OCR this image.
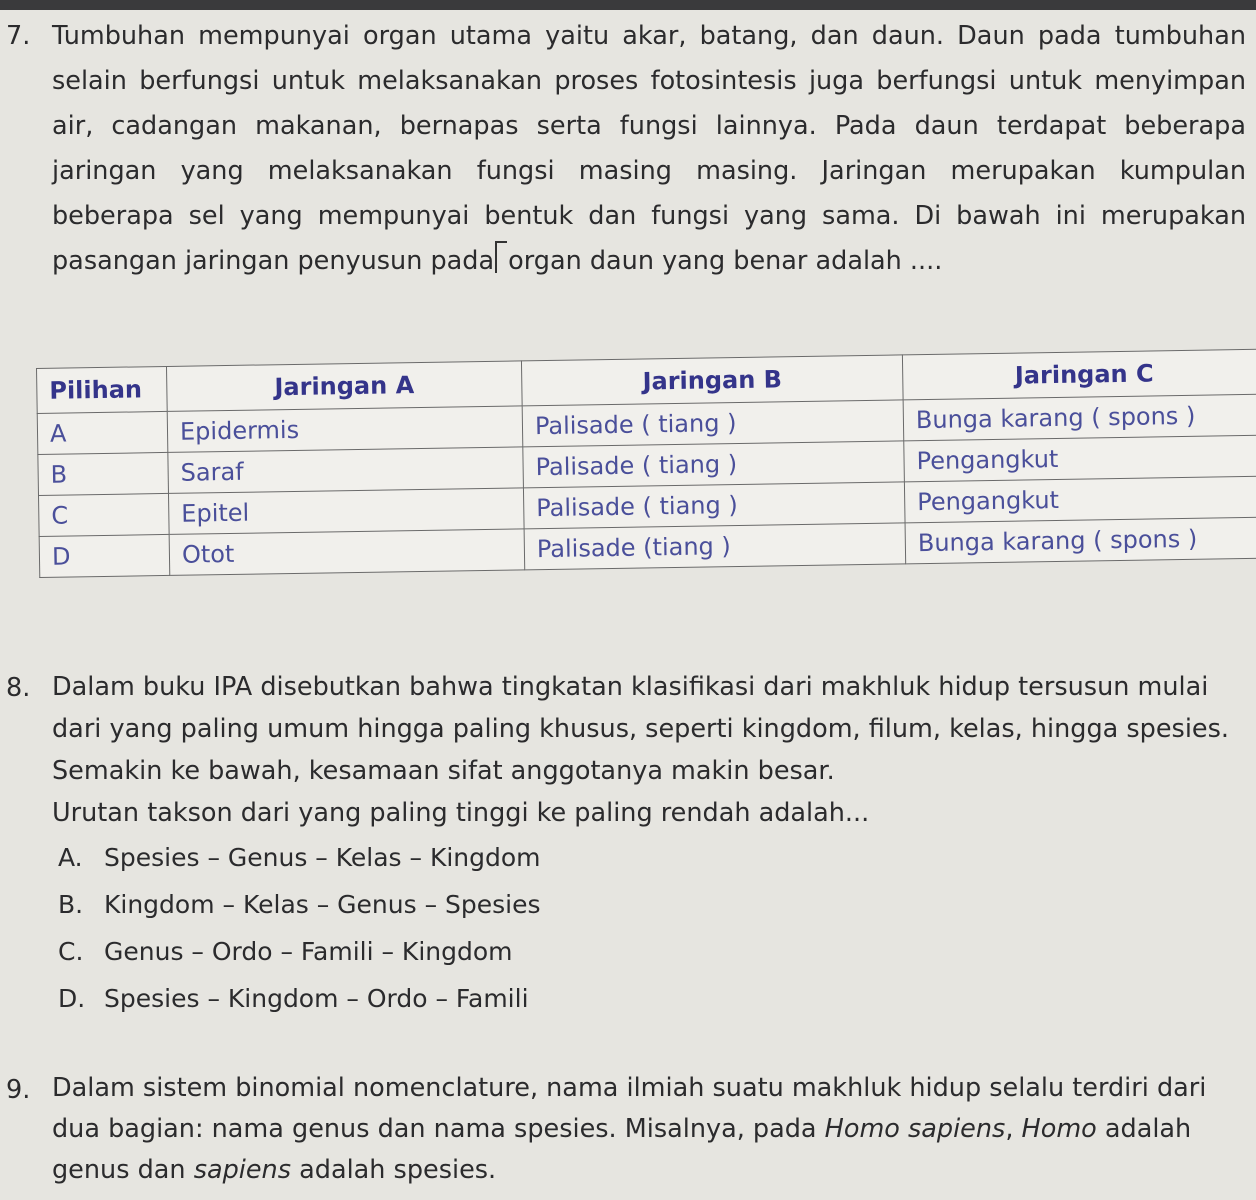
7. Tumbuhan mempunyai organ utama yaitu akar, batang, dan daun. Daun pada tumbuhan selain berfungsi untuk melaksanakan proses fotosintesis juga berfungsi untuk menyimpan air, cadangan makanan, bernapas serta fungsi lainnya. Pada daun terdapat beberapa jaringan yang melaksanakan fungsi masing masing. Jaringan merupakan kumpulan beberapa sel yang mempunyai bentuk dan fungsi yang sama. Di bawah ini merupakan pasangan jaringan penyusun pada organ daun yang benar adalah ....
Pilihan	Jaringan A	Jaringan B	Jaringan C
A	Epidermis	Palisade ( tiang )	Bunga karang ( spons )
B	Saraf	Palisade ( tiang )	Pengangkut
C	Epitel	Palisade ( tiang )	Pengangkut
D	Otot	Palisade (tiang )	Bunga karang ( spons )
8. Dalam buku IPA disebutkan bahwa tingkatan klasifikasi dari makhluk hidup tersusun mulai dari yang paling umum hingga paling khusus, seperti kingdom, filum, kelas, hingga spesies. Semakin ke bawah, kesamaan sifat anggotanya makin besar.
Urutan takson dari yang paling tinggi ke paling rendah adalah...
A. Spesies – Genus – Kelas – Kingdom
B. Kingdom – Kelas – Genus – Spesies
C. Genus – Ordo – Famili – Kingdom
D. Spesies – Kingdom – Ordo – Famili
9. Dalam sistem binomial nomenclature, nama ilmiah suatu makhluk hidup selalu terdiri dari dua bagian: nama genus dan nama spesies. Misalnya, pada Homo sapiens, Homo adalah genus dan sapiens adalah spesies.
